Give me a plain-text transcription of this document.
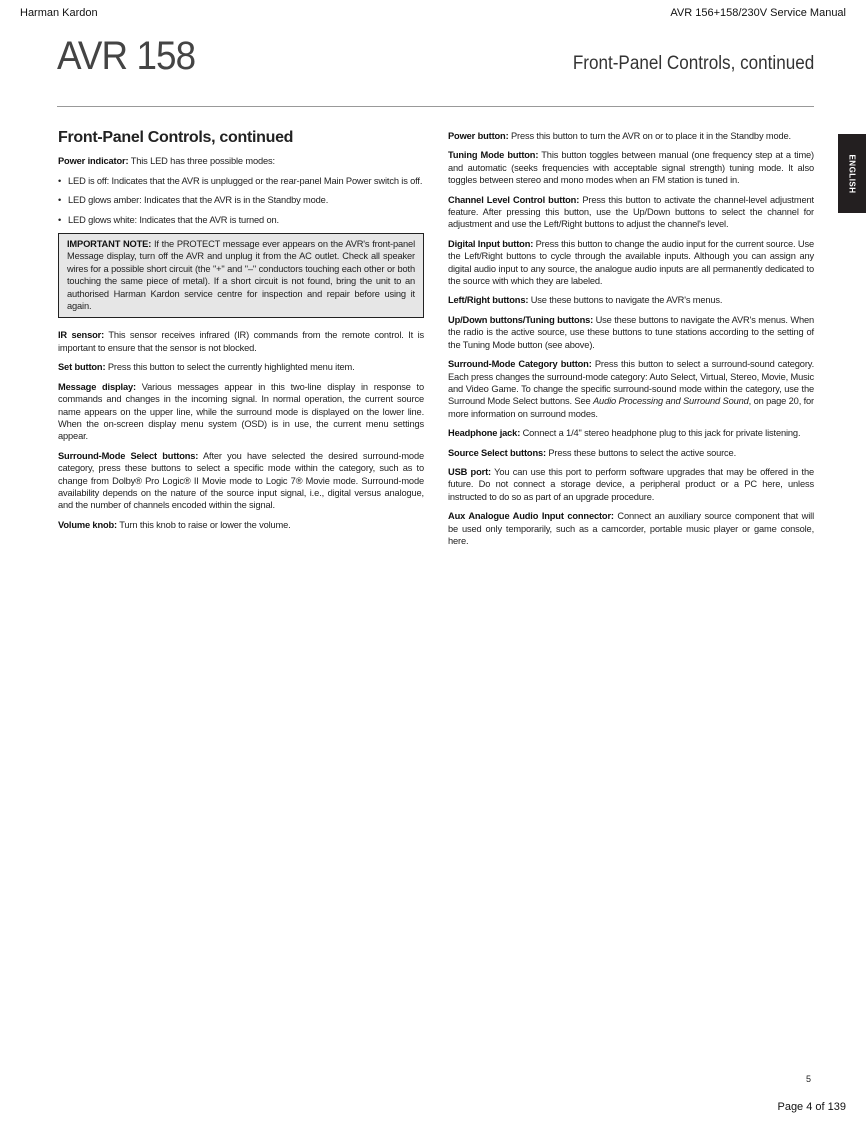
Harman Kardon	AVR 156+158/230V Service Manual
AVR 158	Front-Panel Controls, continued
ENGLISH
Front-Panel Controls, continued

Power indicator: This LED has three possible modes:

• LED is off: Indicates that the AVR is unplugged or the rear-panel Main Power switch is off.
• LED glows amber: Indicates that the AVR is in the Standby mode.
• LED glows white: Indicates that the AVR is turned on.

IMPORTANT NOTE: If the PROTECT message ever appears on the AVR's front-panel Message display, turn off the AVR and unplug it from the AC outlet. Check all speaker wires for a possible short circuit (the "+" and "–" conductors touching each other or both touching the same piece of metal). If a short circuit is not found, bring the unit to an authorised Harman Kardon service centre for inspection and repair before using it again.

IR sensor: This sensor receives infrared (IR) commands from the remote control. It is important to ensure that the sensor is not blocked.

Set button: Press this button to select the currently highlighted menu item.

Message display: Various messages appear in this two-line display in response to commands and changes in the incoming signal. In normal operation, the current source name appears on the upper line, while the surround mode is displayed on the lower line. When the on-screen display menu system (OSD) is in use, the current menu settings appear.

Surround-Mode Select buttons: After you have selected the desired surround-mode category, press these buttons to select a specific mode within the category, such as to change from Dolby® Pro Logic® II Movie mode to Logic 7® Movie mode. Surround-mode availability depends on the nature of the source input signal, i.e., digital versus analogue, and the number of channels encoded within the signal.

Volume knob: Turn this knob to raise or lower the volume.

Power button: Press this button to turn the AVR on or to place it in the Standby mode.

Tuning Mode button: This button toggles between manual (one frequency step at a time) and automatic (seeks frequencies with acceptable signal strength) tuning mode. It also toggles between stereo and mono modes when an FM station is tuned in.

Channel Level Control button: Press this button to activate the channel-level adjustment feature. After pressing this button, use the Up/Down buttons to select the channel for adjustment and use the Left/Right buttons to adjust the channel's level.

Digital Input button: Press this button to change the audio input for the current source. Use the Left/Right buttons to cycle through the available inputs. Although you can assign any digital audio input to any source, the analogue audio inputs are all permanently dedicated to the source with which they are labeled.

Left/Right buttons: Use these buttons to navigate the AVR's menus.

Up/Down buttons/Tuning buttons: Use these buttons to navigate the AVR's menus. When the radio is the active source, use these buttons to tune stations according to the setting of the Tuning Mode button (see above).

Surround-Mode Category button: Press this button to select a surround-sound category. Each press changes the surround-mode category: Auto Select, Virtual, Stereo, Movie, Music and Video Game. To change the specific surround-sound mode within the category, use the Surround Mode Select buttons. See Audio Processing and Surround Sound, on page 20, for more information on surround modes.

Headphone jack: Connect a 1/4" stereo headphone plug to this jack for private listening.

Source Select buttons: Press these buttons to select the active source.

USB port: You can use this port to perform software upgrades that may be offered in the future. Do not connect a storage device, a peripheral product or a PC here, unless instructed to do so as part of an upgrade procedure.

Aux Analogue Audio Input connector: Connect an auxiliary source component that will be used only temporarily, such as a camcorder, portable music player or game console, here.

5
Page 4 of 139
